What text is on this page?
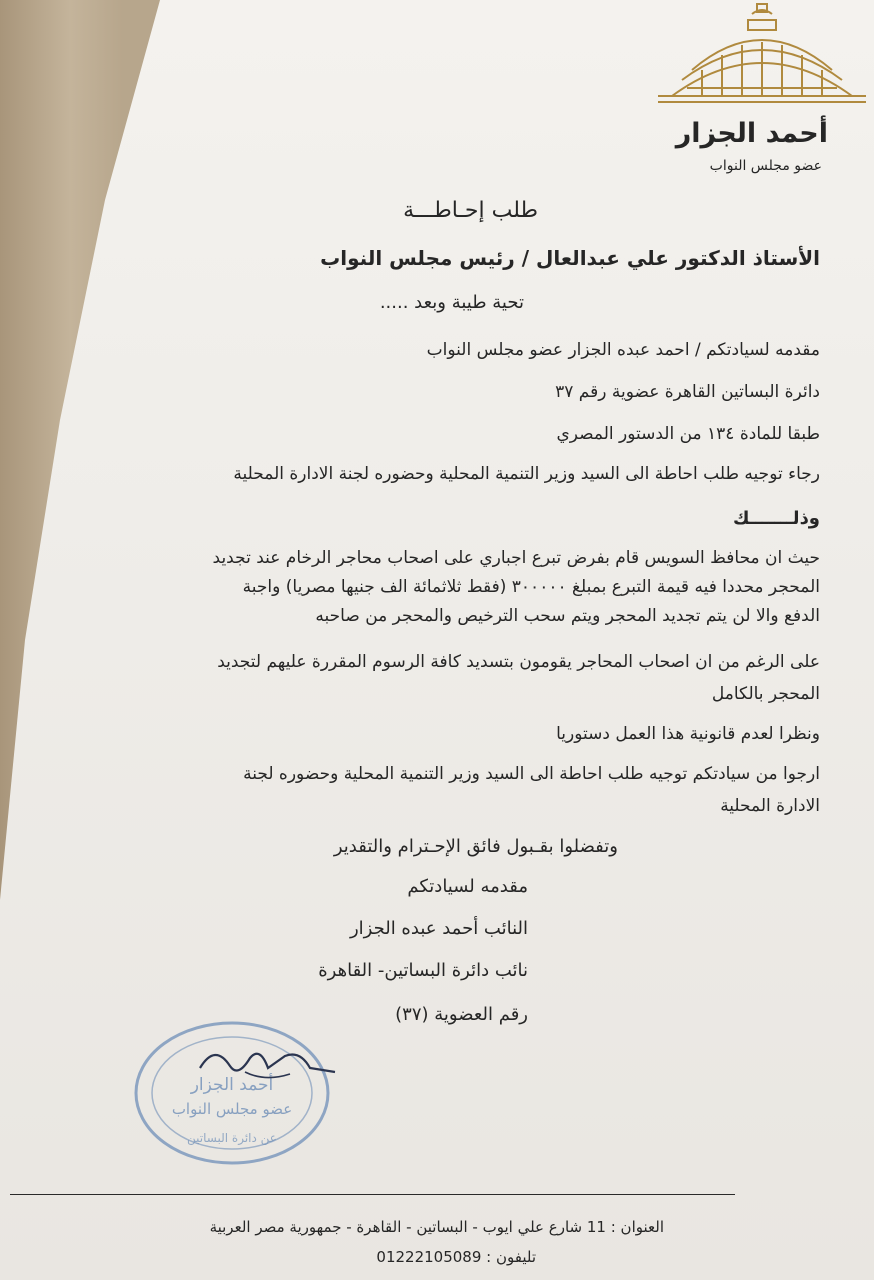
أحمد الجزار
عضو مجلس النواب
طلب إحـاطـــة
الأستاذ الدكتور علي عبدالعال / رئيس مجلس النواب
تحية طيبة وبعد .....
مقدمه لسيادتكم / احمد عبده الجزار عضو مجلس النواب
دائرة البساتين القاهرة عضوية رقم ٣٧
طبقا للمادة ١٣٤ من الدستور المصري
رجاء توجيه طلب احاطة الى السيد وزير التنمية المحلية وحضوره لجنة الادارة المحلية
وذلـــــــك
حيث ان محافظ السويس قام بفرض تبرع اجباري على اصحاب محاجر الرخام عند تجديد
المحجر محددا فيه قيمة التبرع بمبلغ ٣٠٠٠٠٠ (فقط ثلاثمائة الف جنيها مصريا) واجبة
الدفع والا لن يتم تجديد المحجر ويتم سحب الترخيص والمحجر من صاحبه
على الرغم من ان اصحاب المحاجر يقومون بتسديد كافة الرسوم المقررة عليهم لتجديد
المحجر بالكامل
ونظرا لعدم قانونية هذا العمل دستوريا
ارجوا من سيادتكم توجيه طلب احاطة الى السيد وزير التنمية المحلية وحضوره لجنة
الادارة المحلية
وتفضلوا بقـبول فائق الإحـترام والتقدير
مقدمه لسيادتكم
النائب أحمد عبده الجزار
نائب دائرة البساتين- القاهرة
رقم العضوية (٣٧)
أحمد الجزار
عضو مجلس النواب
عن دائرة البساتين
العنوان : 11 شارع علي ايوب - البساتين - القاهرة - جمهورية مصر العربية
تليفون : 01222105089
